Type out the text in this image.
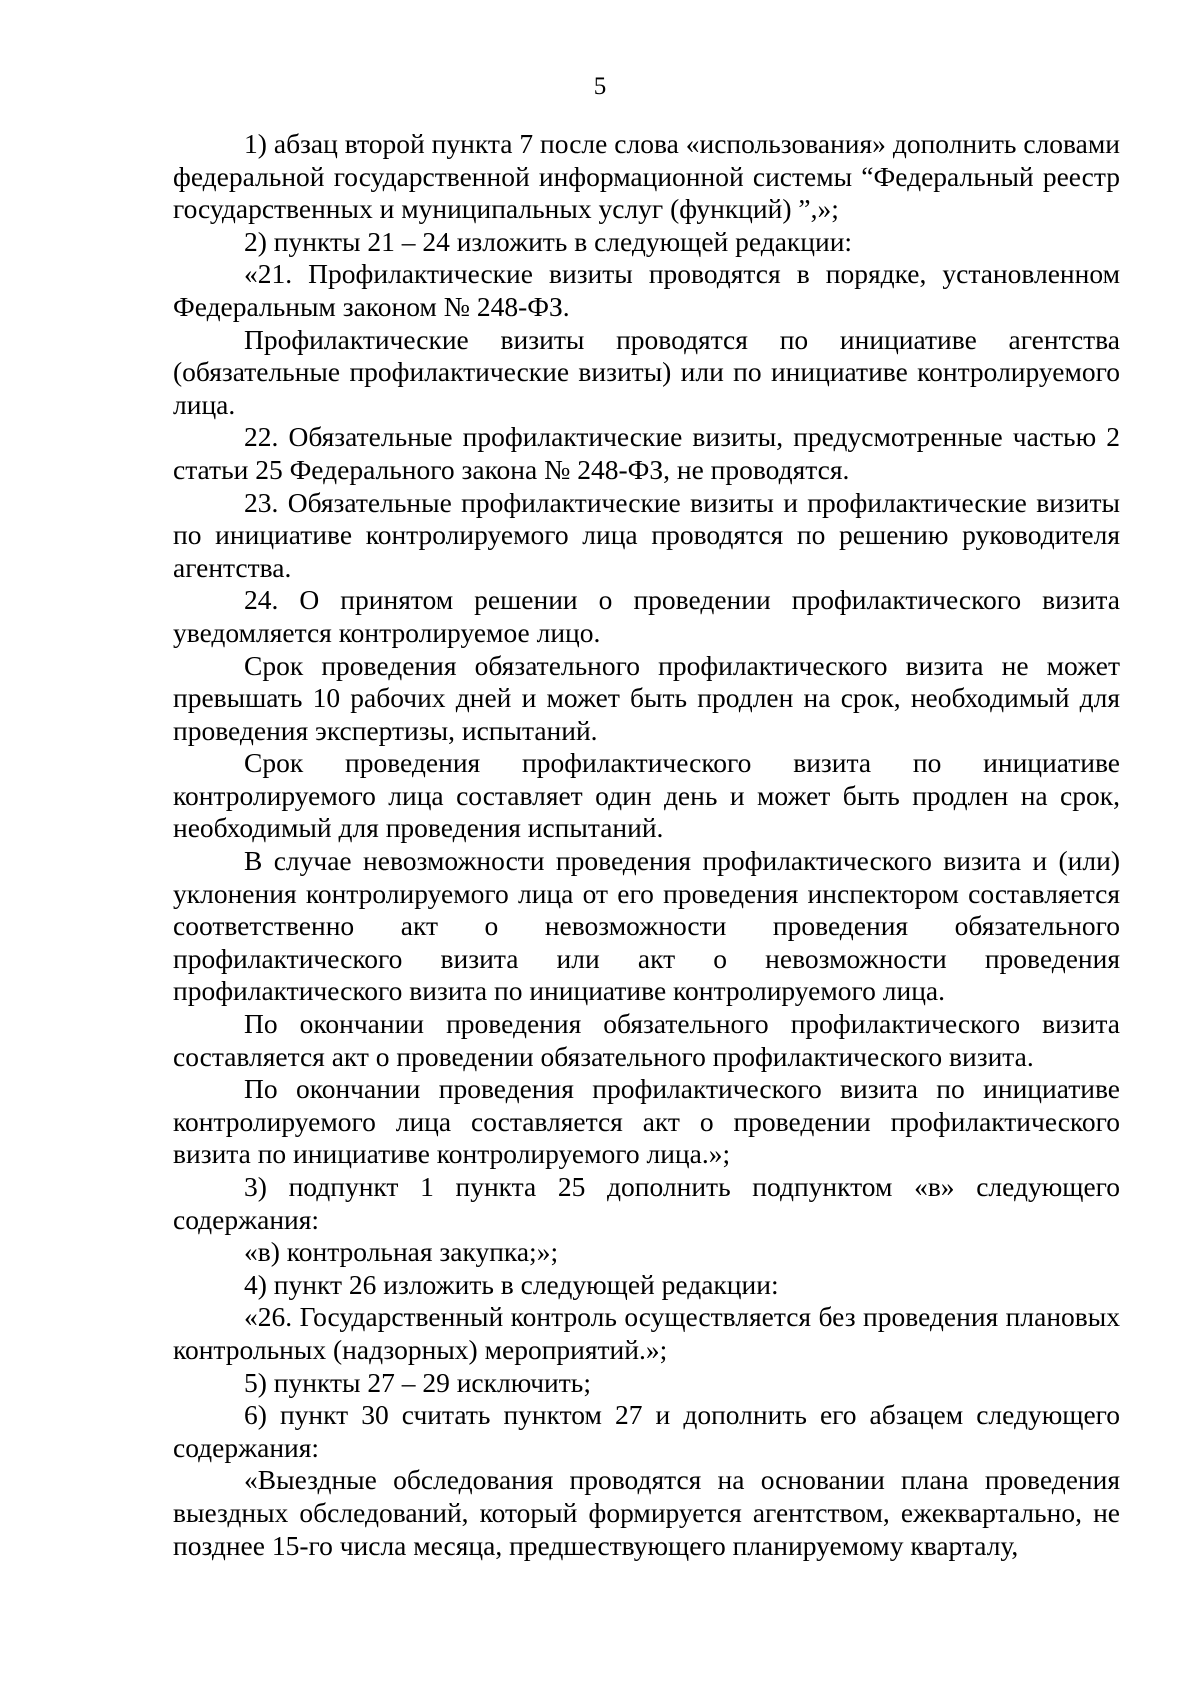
5

1) абзац второй пункта 7 после слова «использования» дополнить словами федеральной государственной информационной системы “Федеральный реестр государственных и муниципальных услуг (функций) ”,»;

2) пункты 21 – 24 изложить в следующей редакции:

«21. Профилактические визиты проводятся в порядке, установленном Федеральным законом № 248-ФЗ.

Профилактические визиты проводятся по инициативе агентства (обязательные профилактические визиты) или по инициативе контролируемого лица.

22. Обязательные профилактические визиты, предусмотренные частью 2 статьи 25 Федерального закона № 248-ФЗ, не проводятся.

23. Обязательные профилактические визиты и профилактические визиты по инициативе контролируемого лица проводятся по решению руководителя агентства.

24. О принятом решении о проведении профилактического визита уведомляется контролируемое лицо.

Срок проведения обязательного профилактического визита не может превышать 10 рабочих дней и может быть продлен на срок, необходимый для проведения экспертизы, испытаний.

Срок проведения профилактического визита по инициативе контролируемого лица составляет один день и может быть продлен на срок, необходимый для проведения испытаний.

В случае невозможности проведения профилактического визита и (или) уклонения контролируемого лица от его проведения инспектором составляется соответственно акт о невозможности проведения обязательного профилактического визита или акт о невозможности проведения профилактического визита по инициативе контролируемого лица.

По окончании проведения обязательного профилактического визита составляется акт о проведении обязательного профилактического визита.

По окончании проведения профилактического визита по инициативе контролируемого лица составляется акт о проведении профилактического визита по инициативе контролируемого лица.»;

3) подпункт 1 пункта 25 дополнить подпунктом «в» следующего содержания:

«в) контрольная закупка;»;

4) пункт 26 изложить в следующей редакции:

«26. Государственный контроль осуществляется без проведения плановых контрольных (надзорных) мероприятий.»;

5) пункты 27 – 29 исключить;

6) пункт 30 считать пунктом 27 и дополнить его абзацем следующего содержания:

«Выездные обследования проводятся на основании плана проведения выездных обследований, который формируется агентством, ежеквартально, не позднее 15-го числа месяца, предшествующего планируемому кварталу,
